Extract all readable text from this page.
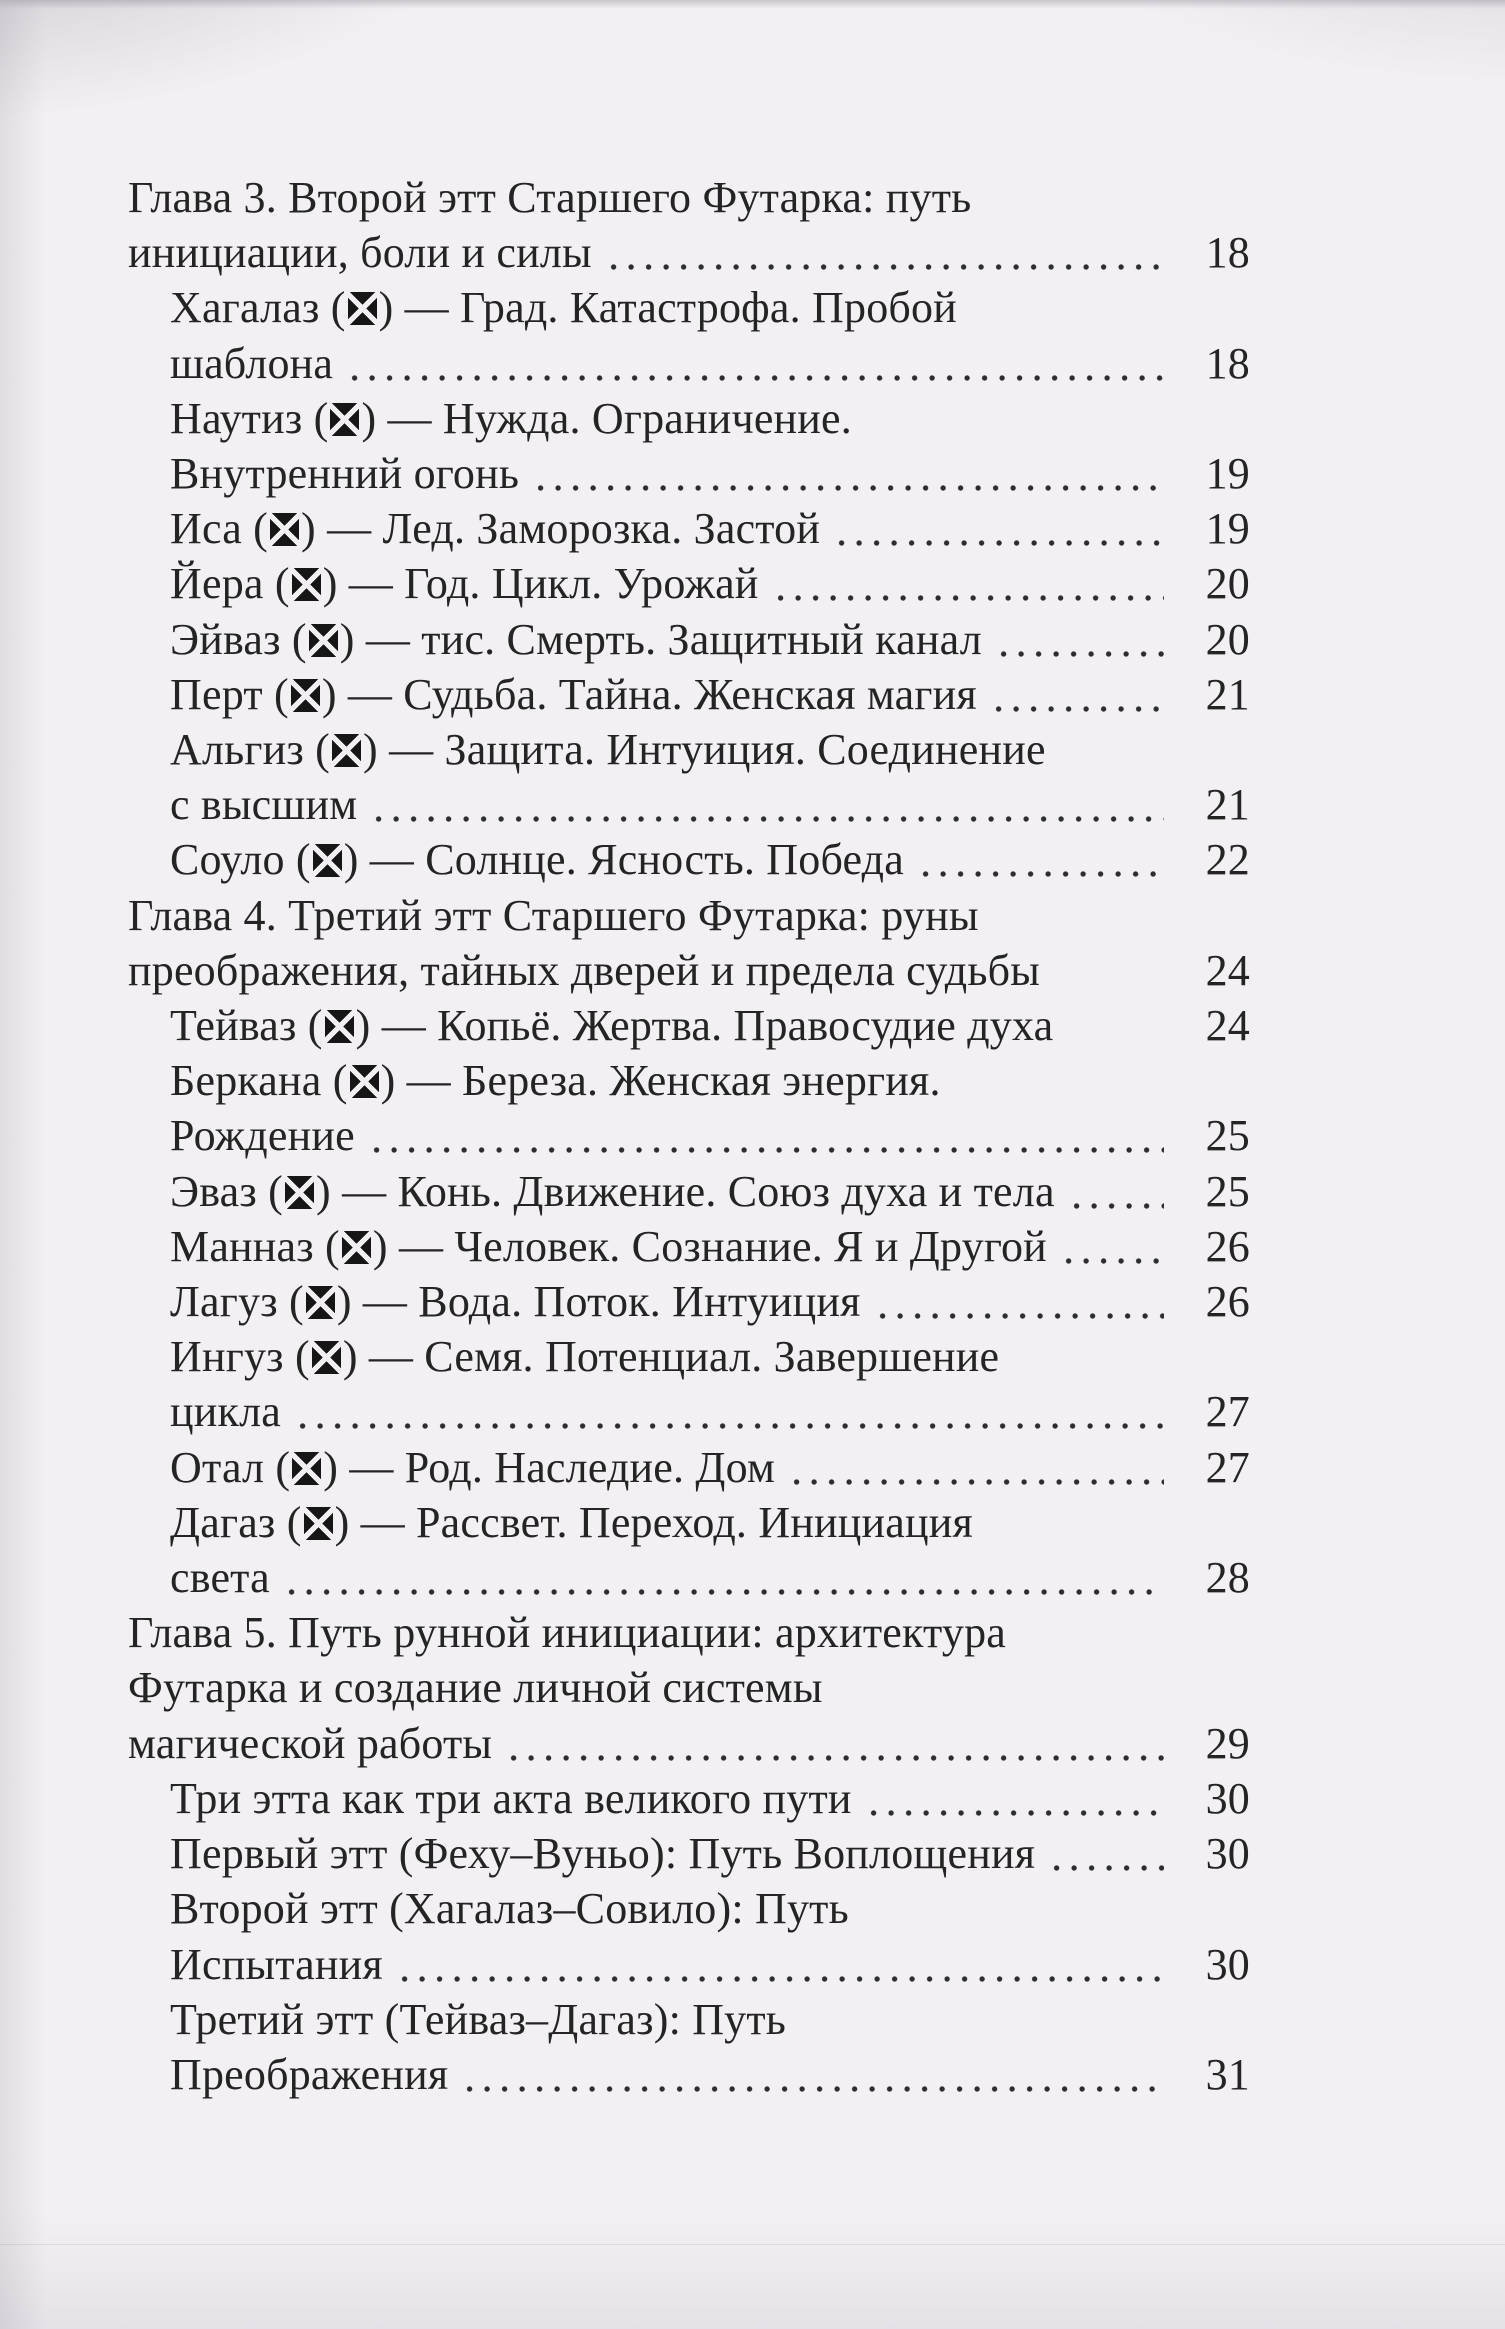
Глава 3. Второй этт Старшего Футарка: путь
инициации, боли и силы	18
Хагалаз ( ) — Град. Катастрофа. Пробой
шаблона	18
Наутиз ( ) — Нужда. Ограничение.
Внутренний огонь	19
Иса ( ) — Лед. Заморозка. Застой	19
Йера ( ) — Год. Цикл. Урожай	20
Эйваз ( ) — тис. Смерть. Защитный канал	20
Перт ( ) — Судьба. Тайна. Женская магия	21
Альгиз ( ) — Защита. Интуиция. Соединение
с высшим	21
Соуло ( ) — Солнце. Ясность. Победа	22
Глава 4. Третий этт Старшего Футарка: руны
преображения, тайных дверей и предела судьбы	24
Тейваз ( ) — Копьё. Жертва. Правосудие духа	24
Беркана ( ) — Береза. Женская энергия.
Рождение	25
Эваз ( ) — Конь. Движение. Союз духа и тела	25
Манназ ( ) — Человек. Сознание. Я и Другой	26
Лагуз ( ) — Вода. Поток. Интуиция	26
Ингуз ( ) — Семя. Потенциал. Завершение
цикла	27
Отал ( ) — Род. Наследие. Дом	27
Дагаз ( ) — Рассвет. Переход. Инициация
света	28
Глава 5. Путь рунной инициации: архитектура
Футарка и создание личной системы
магической работы	29
Три этта как три акта великого пути	30
Первый этт (Феху–Вуньо): Путь Воплощения	30
Второй этт (Хагалаз–Совило): Путь
Испытания	30
Третий этт (Тейваз–Дагаз): Путь
Преображения	31
